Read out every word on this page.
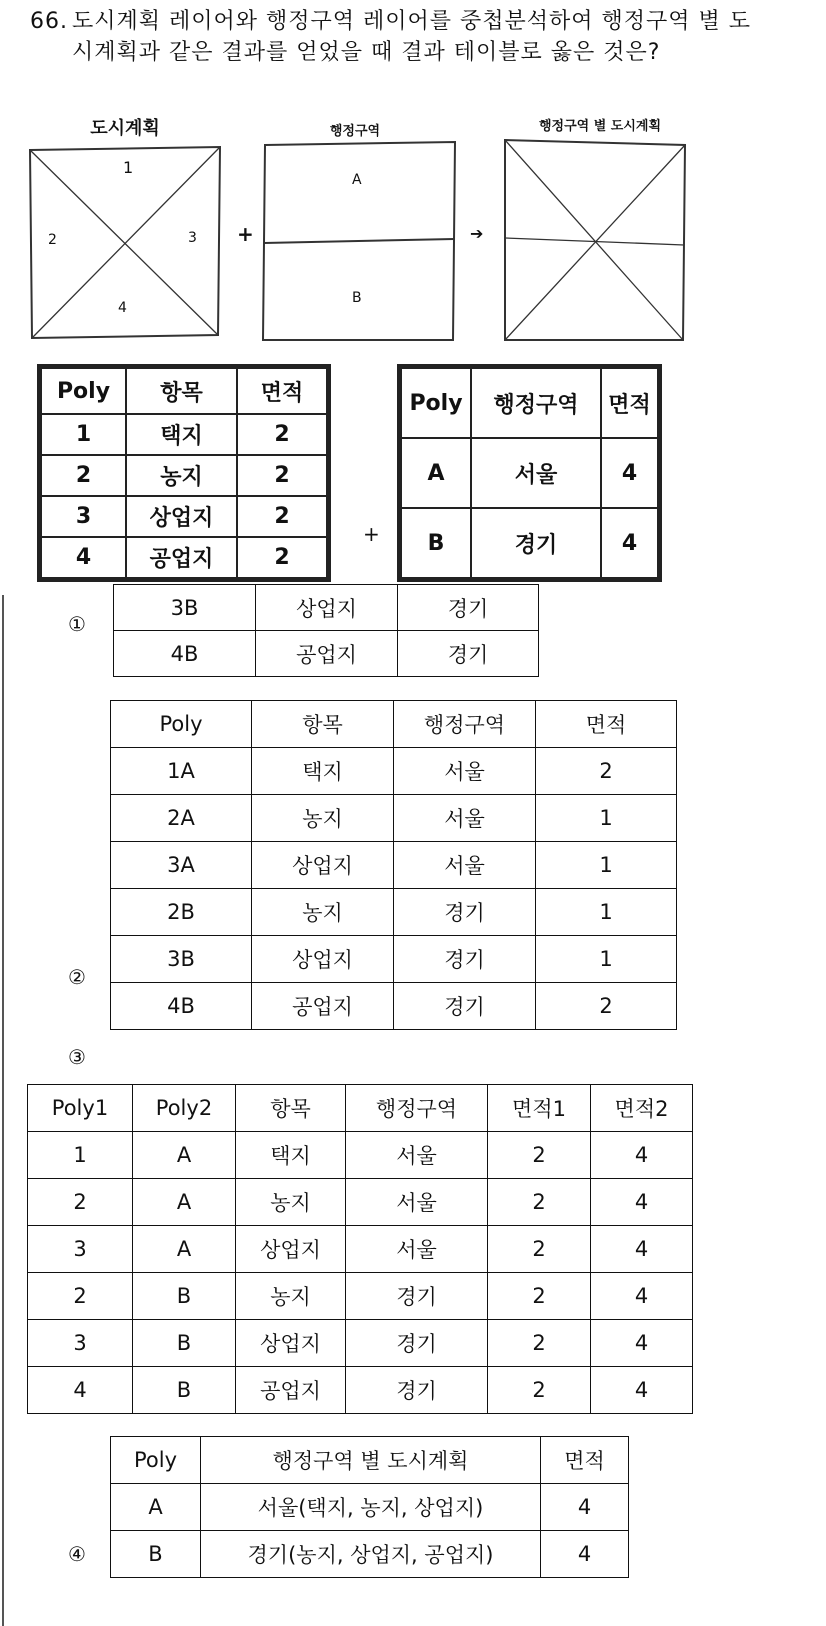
66. 도시계획 레이어와 행정구역 레이어를 중첩분석하여 행정구역 별 도시계획과 같은 결과를 얻었을 때 결과 테이블로 옳은 것은?
도시계획	행정구역	행정구역 별 도시계획
1
2	3
4
A
B
+	➔
Poly	항목	면적
1	택지	2
2	농지	2
3	상업지	2
4	공업지	2
Poly	행정구역	면적
A	서울	4
B	경기	4
+
①
②
③
④
3B	상업지	경기
4B	공업지	경기
Poly	항목	행정구역	면적
1A	택지	서울	2
2A	농지	서울	1
3A	상업지	서울	1
2B	농지	경기	1
3B	상업지	경기	1
4B	공업지	경기	2
Poly1	Poly2	항목	행정구역	면적1	면적2
1	A	택지	서울	2	4
2	A	농지	서울	2	4
3	A	상업지	서울	2	4
2	B	농지	경기	2	4
3	B	상업지	경기	2	4
4	B	공업지	경기	2	4
Poly	행정구역 별 도시계획	면적
A	서울(택지, 농지, 상업지)	4
B	경기(농지, 상업지, 공업지)	4
